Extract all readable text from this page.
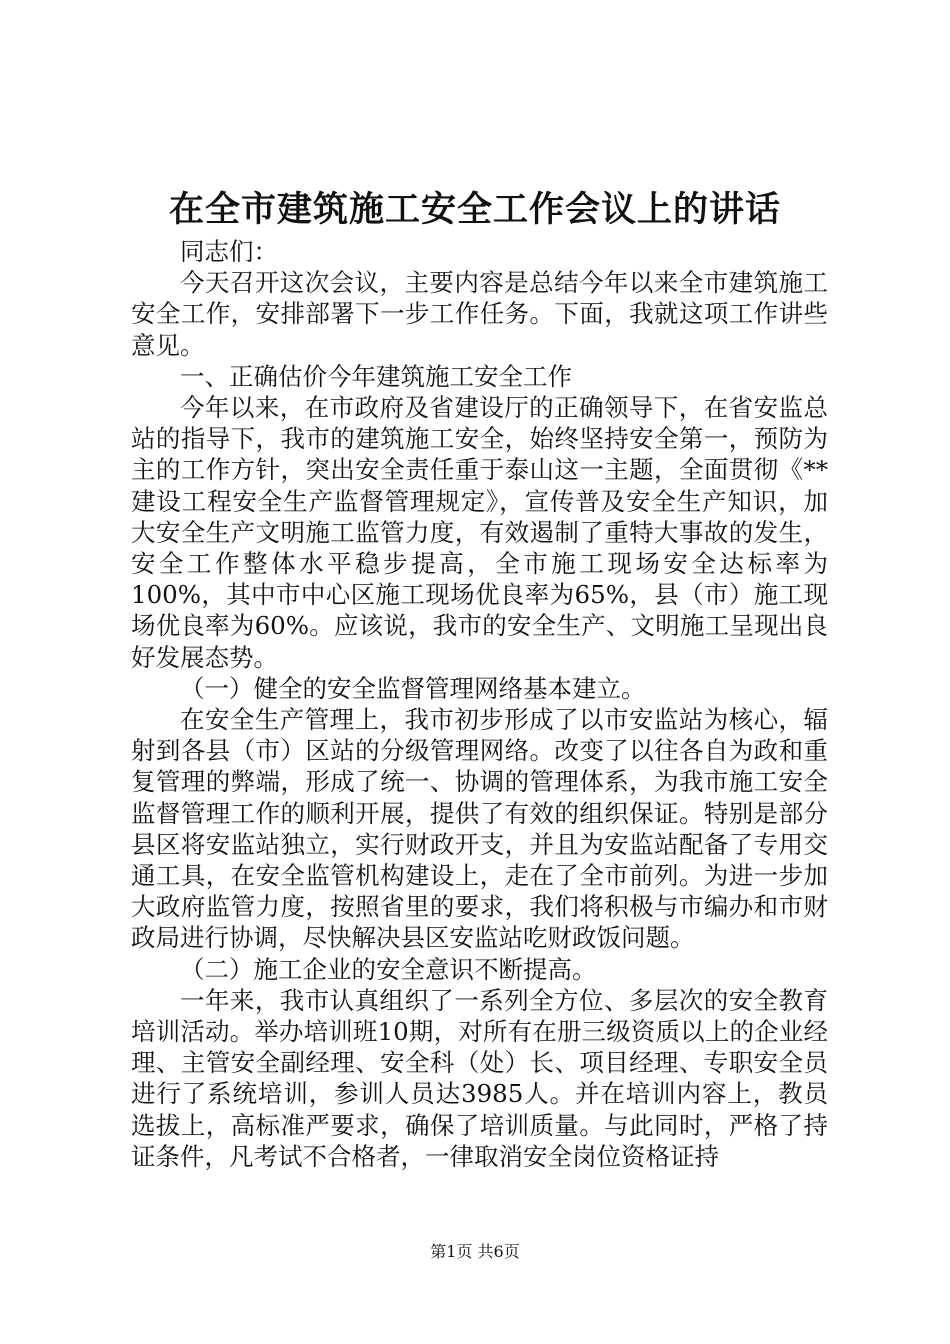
在全市建筑施工安全工作会议上的讲话

同志们：

今天召开这次会议，主要内容是总结今年以来全市建筑施工安全工作，安排部署下一步工作任务。下面，我就这项工作讲些意见。

一、正确估价今年建筑施工安全工作

今年以来，在市政府及省建设厅的正确领导下，在省安监总站的指导下，我市的建筑施工安全，始终坚持安全第一，预防为主的工作方针，突出安全责任重于泰山这一主题，全面贯彻《**建设工程安全生产监督管理规定》，宣传普及安全生产知识，加大安全生产文明施工监管力度，有效遏制了重特大事故的发生，安全工作整体水平稳步提高，全市施工现场安全达标率为100%，其中市中心区施工现场优良率为65%，县（市）施工现场优良率为60%。应该说，我市的安全生产、文明施工呈现出良好发展态势。

（一）健全的安全监督管理网络基本建立。

在安全生产管理上，我市初步形成了以市安监站为核心，辐射到各县（市）区站的分级管理网络。改变了以往各自为政和重复管理的弊端，形成了统一、协调的管理体系，为我市施工安全监督管理工作的顺利开展，提供了有效的组织保证。特别是部分县区将安监站独立，实行财政开支，并且为安监站配备了专用交通工具，在安全监管机构建设上，走在了全市前列。为进一步加大政府监管力度，按照省里的要求，我们将积极与市编办和市财政局进行协调，尽快解决县区安监站吃财政饭问题。

（二）施工企业的安全意识不断提高。

一年来，我市认真组织了一系列全方位、多层次的安全教育培训活动。举办培训班10期，对所有在册三级资质以上的企业经理、主管安全副经理、安全科（处）长、项目经理、专职安全员进行了系统培训，参训人员达3985人。并在培训内容上，教员选拔上，高标准严要求，确保了培训质量。与此同时，严格了持证条件，凡考试不合格者，一律取消安全岗位资格证持

第1页 共6页
